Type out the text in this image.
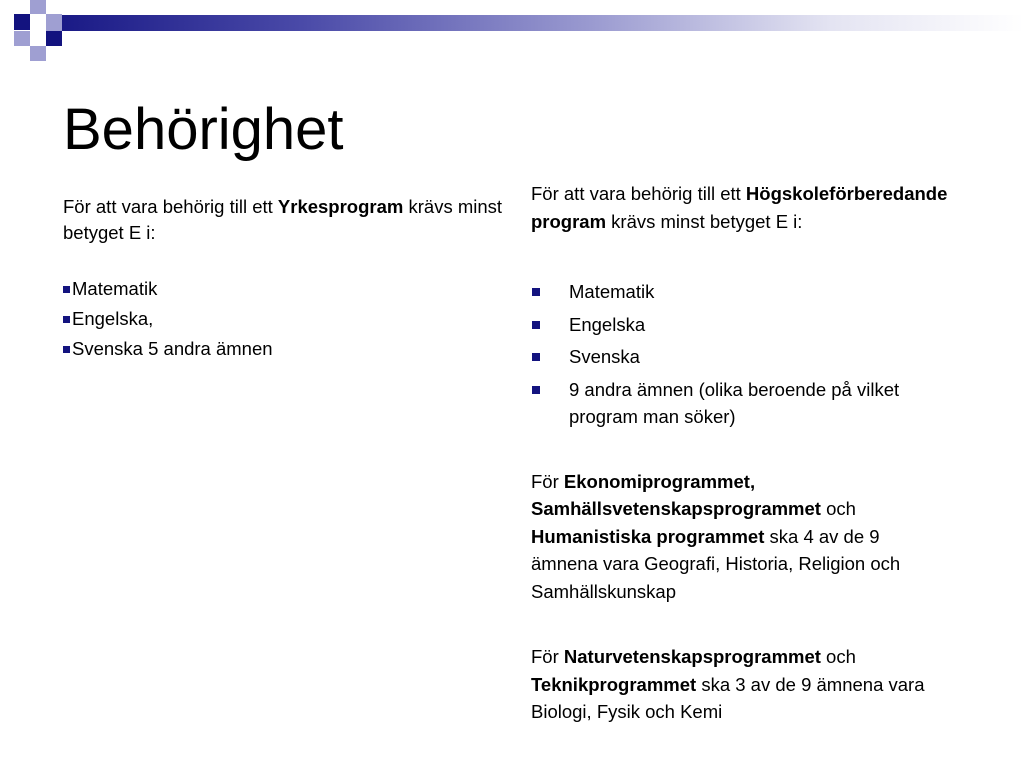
Behörighet

För att vara behörig till ett Yrkesprogram krävs minst betyget E i:

Matematik
Engelska,
Svenska 5 andra ämnen

För att vara behörig till ett Högskoleförberedande program krävs minst betyget E i:

Matematik
Engelska
Svenska
9 andra ämnen (olika beroende på vilket program man söker)

För Ekonomiprogrammet, Samhällsvetenskapsprogrammet och Humanistiska programmet ska 4 av de 9 ämnena vara Geografi, Historia, Religion och Samhällskunskap

För Naturvetenskapsprogrammet och Teknikprogrammet ska 3 av de 9 ämnena vara Biologi, Fysik och Kemi
